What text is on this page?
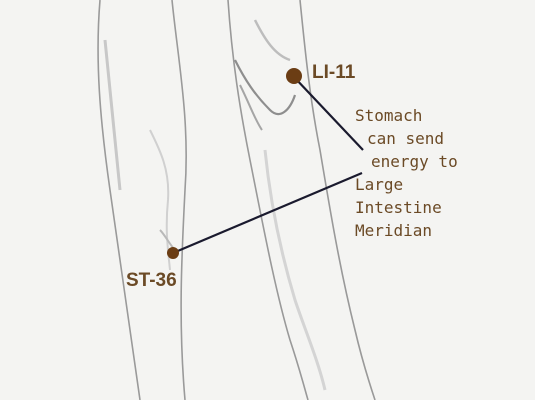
LI-11
ST-36
Stomach
can send
energy to
Large
Intestine
Meridian
